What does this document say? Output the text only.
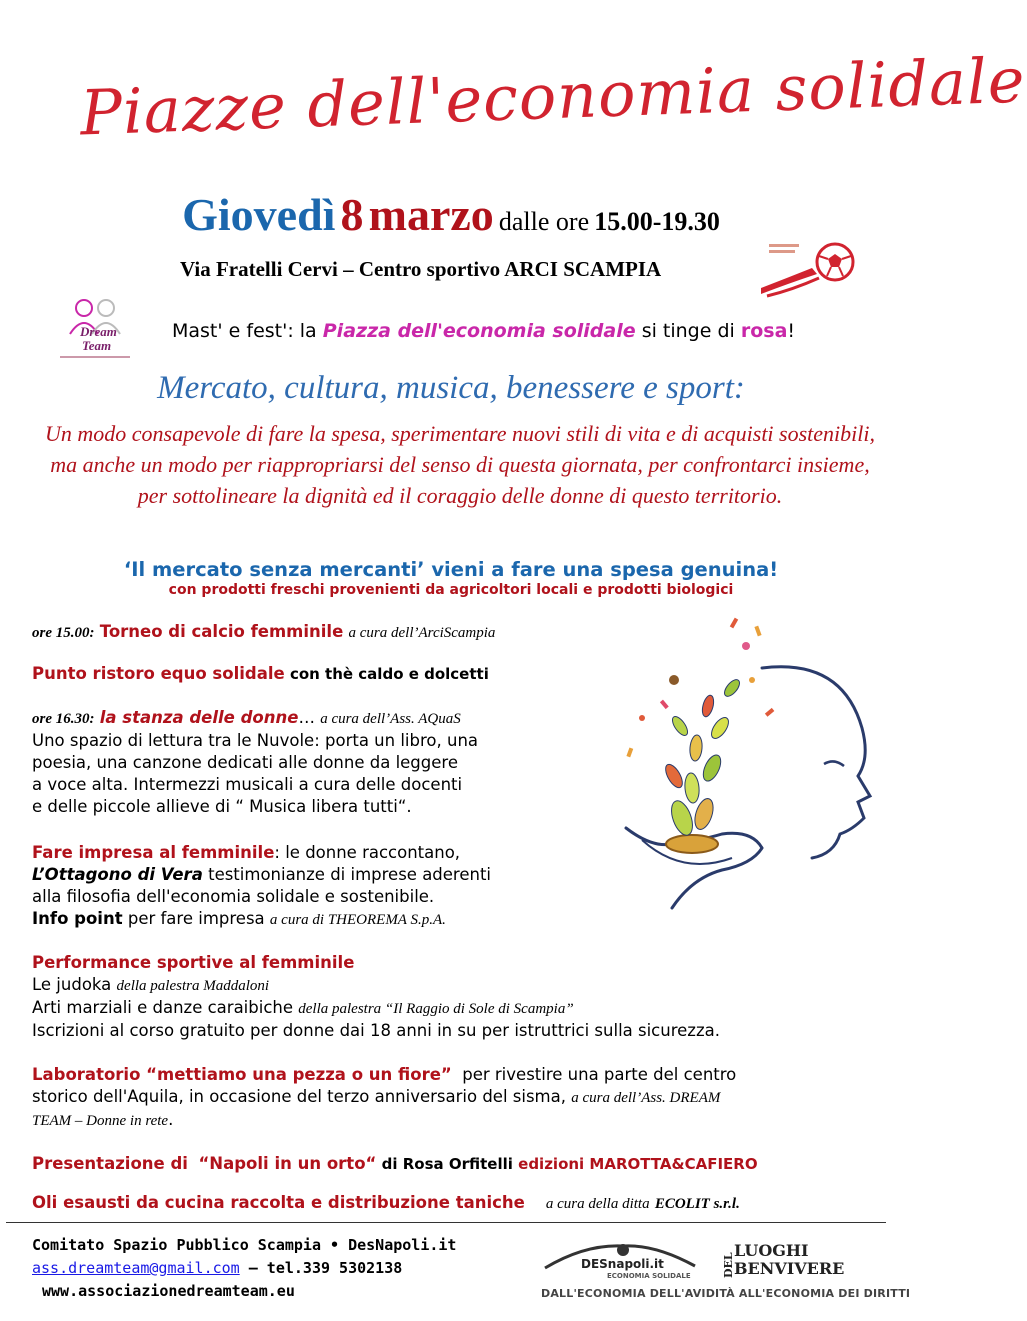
Piazze dell'economia solidale
Giovedì 8 marzo dalle ore 15.00-19.30
Via Fratelli Cervi – Centro sportivo ARCI SCAMPIA
Dream
Team
Mast' e fest': la Piazza dell'economia solidale si tinge di rosa!
Mercato, cultura, musica, benessere e sport:
Un modo consapevole di fare la spesa, sperimentare nuovi stili di vita e di acquisti sostenibili, ma anche un modo per riappropriarsi del senso di questa giornata, per confrontarci insieme, per sottolineare la dignità ed il coraggio delle donne di questo territorio.
‘Il mercato senza mercanti’ vieni a fare una spesa genuina!
con prodotti freschi provenienti da agricoltori locali e prodotti biologici
ore 15.00: Torneo di calcio femminile a cura dell’ArciScampia
Punto ristoro equo solidale con thè caldo e dolcetti
ore 16.30: la stanza delle donne… a cura dell’Ass. AQuaS
Uno spazio di lettura tra le Nuvole: porta un libro, una
poesia, una canzone dedicati alle donne da leggere
a voce alta. Intermezzi musicali a cura delle docenti
e delle piccole allieve di “ Musica libera tutti“.
Fare impresa al femminile: le donne raccontano,
L’Ottagono di Vera testimonianze di imprese aderenti
alla filosofia dell'economia solidale e sostenibile.
Info point per fare impresa a cura di THEOREMA S.p.A.
Performance sportive al femminile
Le judoka della palestra Maddaloni
Arti marziali e danze caraibiche della palestra “Il Raggio di Sole di Scampia”
Iscrizioni al corso gratuito per donne dai 18 anni in su per istruttrici sulla sicurezza.
Laboratorio “mettiamo una pezza o un fiore” per rivestire una parte del centro
storico dell'Aquila, in occasione del terzo anniversario del sisma, a cura dell’Ass. DREAM
TEAM – Donne in rete.
Presentazione di “Napoli in un orto“ di Rosa Orfitelli edizioni MAROTTA&CAFIERO
Oli esausti da cucina raccolta e distribuzione taniche a cura della ditta ECOLIT s.r.l.
Comitato Spazio Pubblico Scampia • DesNapoli.it
ass.dreamteam@gmail.com – tel.339 5302138
www.associazionedreamteam.eu
DESnapoli.it
ECONOMIA SOLIDALE	DEL
LUOGHI
BENVIVERE
DALL'ECONOMIA DELL'AVIDITÀ ALL'ECONOMIA DEI DIRITTI
